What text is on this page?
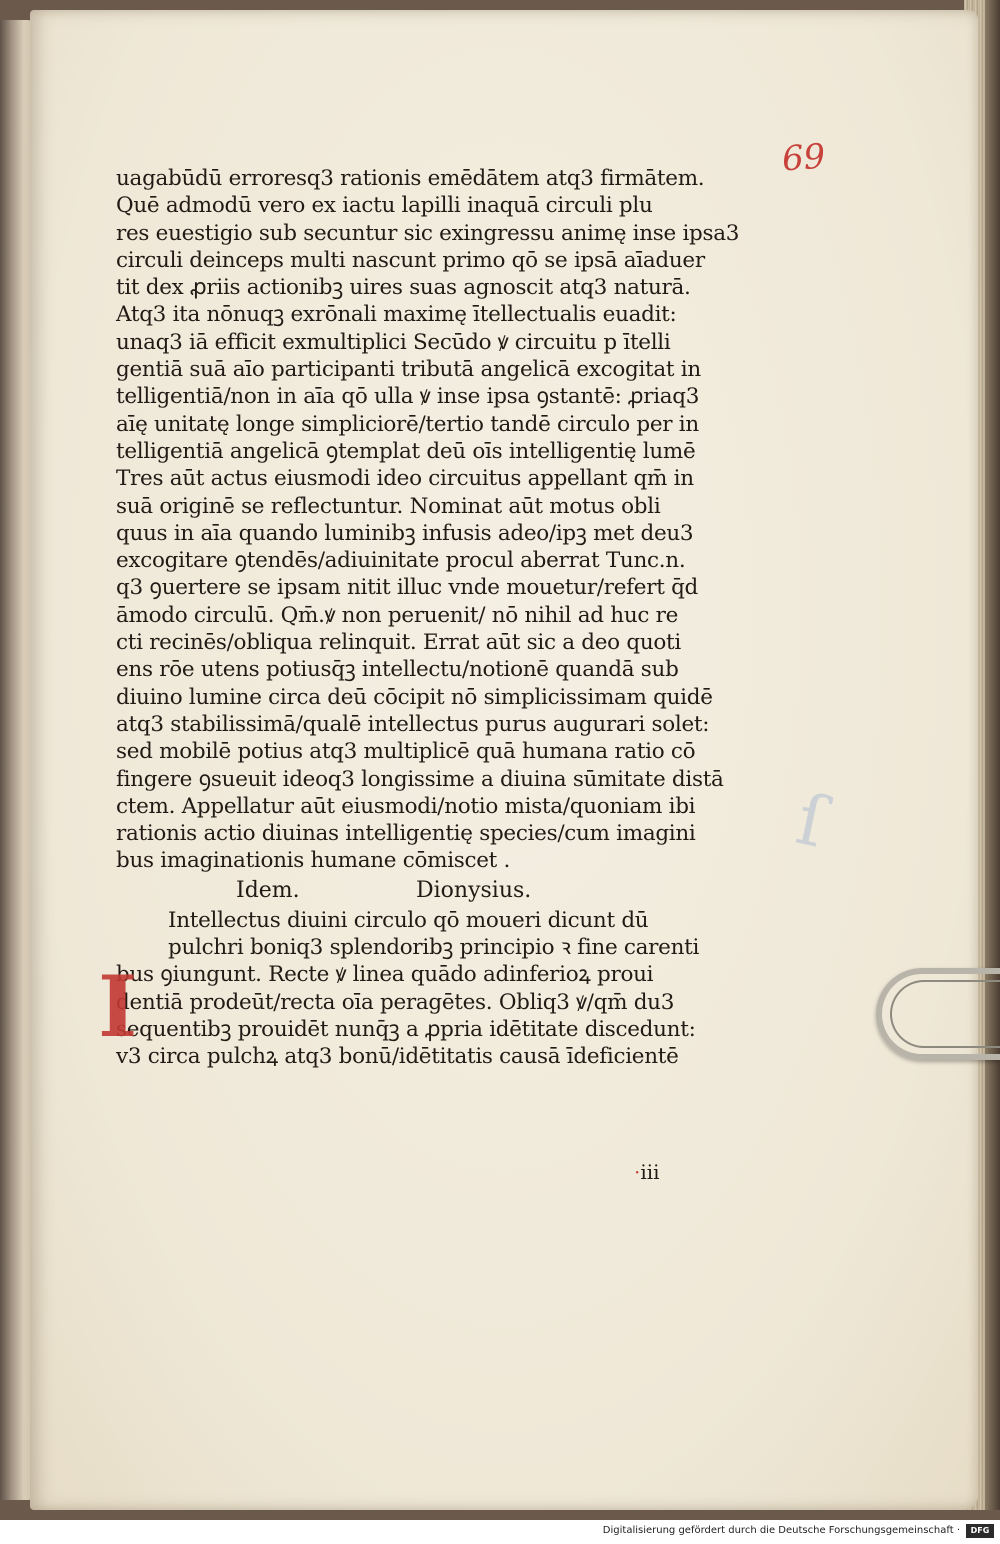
69
ſ
uagabūdū erroresq3 rationis emēdātem atq3 firmātem.
Quē admodū vero ex iactu lapilli inaquā circuli plu
res euestigio sub secuntur sic exingressu animę inse ipsa3
circuli deinceps multi nascunt primo qō se ipsā aīaduer
tit dex ꝓriis actionibꝫ uires suas agnoscit atq3 naturā.
Atq3 ita nōnuqꝫ exrōnali maximę ītellectualis euadit:
unaq3 iā efficit exmultiplici Secūdo ꝟ circuitu p ītelli
gentiā suā aīo participanti tributā angelicā excogitat in
telligentiā/non in aīa qō ulla ꝟ inse ipsa ꝯstantē: ꝓriaq3
aīę unitatę longe simpliciorē/tertio tandē circulo per in
telligentiā angelicā ꝯtemplat deū oīs intelligentię lumē
Tres aūt actus eiusmodi ideo circuitus appellant qm̄ in
suā originē se reflectuntur. Nominat aūt motus obli
quus in aīa quando luminibꝫ infusis adeo/ipꝫ met deu3
excogitare ꝯtendēs/adiuinitate procul aberrat Tunc.n.
q3 ꝯuertere se ipsam nitit illuc vnde mouetur/refert q̄d
āmodo circulū. Qm̄.ꝟ non peruenit/ nō nihil ad huc re
cti recinēs/obliqua relinquit. Errat aūt sic a deo quoti
ens rōe utens potiusq̄ꝫ intellectu/notionē quandā sub
diuino lumine circa deū cōcipit nō simplicissimam quidē
atq3 stabilissimā/qualē intellectus purus augurari solet:
sed mobilē potius atq3 multiplicē quā humana ratio cō
fingere ꝯsueuit ideoq3 longissime a diuina sūmitate distā
ctem. Appellatur aūt eiusmodi/notio mista/quoniam ibi
rationis actio diuinas intelligentię species/cum imagini
bus imaginationis humane cōmiscet .
Idem.	Dionysius.
Intellectus diuini circulo qō moueri dicunt dū
pulchri boniq3 splendoribꝫ principio ꝛ fine carenti
bus ꝯiungunt. Recte ꝟ linea quādo adinferioꝝ proui
dentiā prodeūt/recta oīa peragētes. Obliq3 ꝟ/qm̄ du3
sequentibꝫ prouidēt nunq̄ꝫ a ꝓpria idētitate discedunt:
v3 circa pulchꝝ atq3 bonū/idētitatis causā īdeficientē
I
·iii
Digitalisierung gefördert durch die Deutsche Forschungsgemeinschaft ·	DFG
